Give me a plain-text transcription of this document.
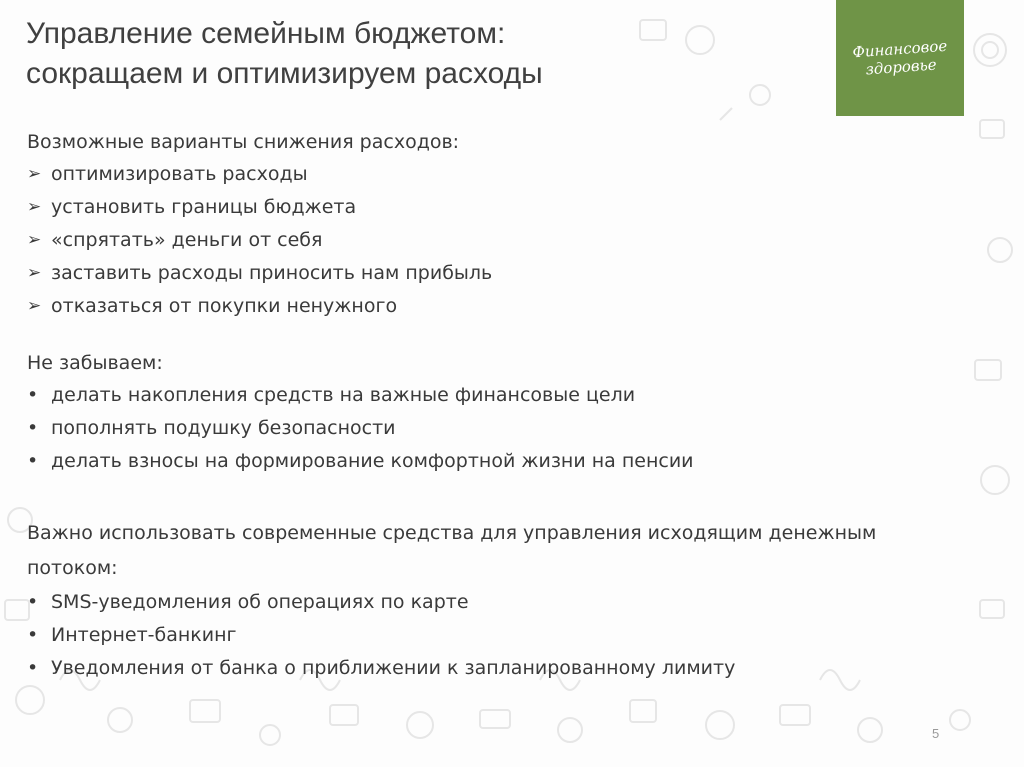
Управление семейным бюджетом:
сокращаем и оптимизируем расходы
Финансовое
здоровье
Возможные варианты снижения расходов:
➢ оптимизировать расходы
➢ установить границы бюджета
➢ «спрятать» деньги от себя
➢ заставить расходы приносить нам прибыль
➢ отказаться от покупки ненужного
Не забываем:
• делать накопления средств на важные финансовые цели
• пополнять подушку безопасности
• делать взносы на формирование комфортной жизни на пенсии
Важно использовать современные средства для управления исходящим денежным потоком:
• SMS-уведомления об операциях по карте
• Интернет-банкинг
• Уведомления от банка о приближении к запланированному лимиту
5
